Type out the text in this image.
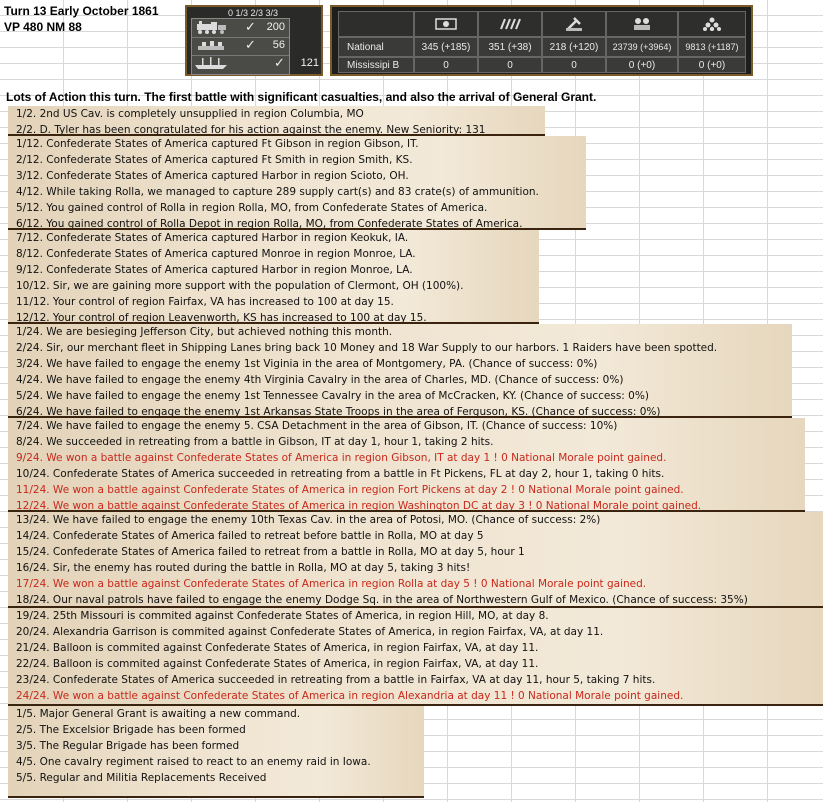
Turn 13 Early October 1861
VP 480 NM 88
0 1/3 2/3 3/3
✓ 200
✓	56
✓	121
National	345 (+185)	351 (+38)	218 (+120)	23739 (+3964)	9813 (+1187)
Mississipi B	0	0	0	0 (+0)	0 (+0)
Lots of Action this turn. The first battle with significant casualties, and also the arrival of General Grant.
1/2. 2nd US Cav. is completely unsupplied in region Columbia, MO
2/2. D. Tyler has been congratulated for his action against the enemy. New Seniority: 131
1/12. Confederate States of America captured Ft Gibson in region Gibson, IT.
2/12. Confederate States of America captured Ft Smith in region Smith, KS.
3/12. Confederate States of America captured Harbor in region Scioto, OH.
4/12. While taking Rolla, we managed to capture 289 supply cart(s) and 83 crate(s) of ammunition.
5/12. You gained control of Rolla in region Rolla, MO, from Confederate States of America.
6/12. You gained control of Rolla Depot in region Rolla, MO, from Confederate States of America.
7/12. Confederate States of America captured Harbor in region Keokuk, IA.
8/12. Confederate States of America captured Monroe in region Monroe, LA.
9/12. Confederate States of America captured Harbor in region Monroe, LA.
10/12. Sir, we are gaining more support with the population of Clermont, OH (100%).
11/12. Your control of region Fairfax, VA has increased to 100 at day 15.
12/12. Your control of region Leavenworth, KS has increased to 100 at day 15.
1/24. We are besieging Jefferson City, but achieved nothing this month.
2/24. Sir, our merchant fleet in Shipping Lanes bring back 10 Money and 18 War Supply to our harbors. 1 Raiders have been spotted.
3/24. We have failed to engage the enemy 1st Viginia in the area of Montgomery, PA. (Chance of success: 0%)
4/24. We have failed to engage the enemy 4th Virginia Cavalry in the area of Charles, MD. (Chance of success: 0%)
5/24. We have failed to engage the enemy 1st Tennessee Cavalry in the area of McCracken, KY. (Chance of success: 0%)
6/24. We have failed to engage the enemy 1st Arkansas State Troops in the area of Ferguson, KS. (Chance of success: 0%)
7/24. We have failed to engage the enemy 5. CSA Detachment in the area of Gibson, IT. (Chance of success: 10%)
8/24. We succeeded in retreating from a battle in Gibson, IT at day 1, hour 1, taking 2 hits.
9/24. We won a battle against Confederate States of America in region Gibson, IT at day 1 ! 0 National Morale point gained.
10/24. Confederate States of America succeeded in retreating from a battle in Ft Pickens, FL at day 2, hour 1, taking 0 hits.
11/24. We won a battle against Confederate States of America in region Fort Pickens at day 2 ! 0 National Morale point gained.
12/24. We won a battle against Confederate States of America in region Washington DC at day 3 ! 0 National Morale point gained.
13/24. We have failed to engage the enemy 10th Texas Cav. in the area of Potosi, MO. (Chance of success: 2%)
14/24. Confederate States of America failed to retreat before battle in Rolla, MO at day 5
15/24. Confederate States of America failed to retreat from a battle in Rolla, MO at day 5, hour 1
16/24. Sir, the enemy has routed during the battle in Rolla, MO at day 5, taking 3 hits!
17/24. We won a battle against Confederate States of America in region Rolla at day 5 ! 0 National Morale point gained.
18/24. Our naval patrols have failed to engage the enemy Dodge Sq. in the area of Northwestern Gulf of Mexico. (Chance of success: 35%)
19/24. 25th Missouri is commited against Confederate States of America, in region Hill, MO, at day 8.
20/24. Alexandria Garrison is commited against Confederate States of America, in region Fairfax, VA, at day 11.
21/24. Balloon is commited against Confederate States of America, in region Fairfax, VA, at day 11.
22/24. Balloon is commited against Confederate States of America, in region Fairfax, VA, at day 11.
23/24. Confederate States of America succeeded in retreating from a battle in Fairfax, VA at day 11, hour 5, taking 7 hits.
24/24. We won a battle against Confederate States of America in region Alexandria at day 11 ! 0 National Morale point gained.
1/5. Major General Grant is awaiting a new command.
2/5. The Excelsior Brigade has been formed
3/5. The Regular Brigade has been formed
4/5. One cavalry regiment raised to react to an enemy raid in Iowa.
5/5. Regular and Militia Replacements Received
